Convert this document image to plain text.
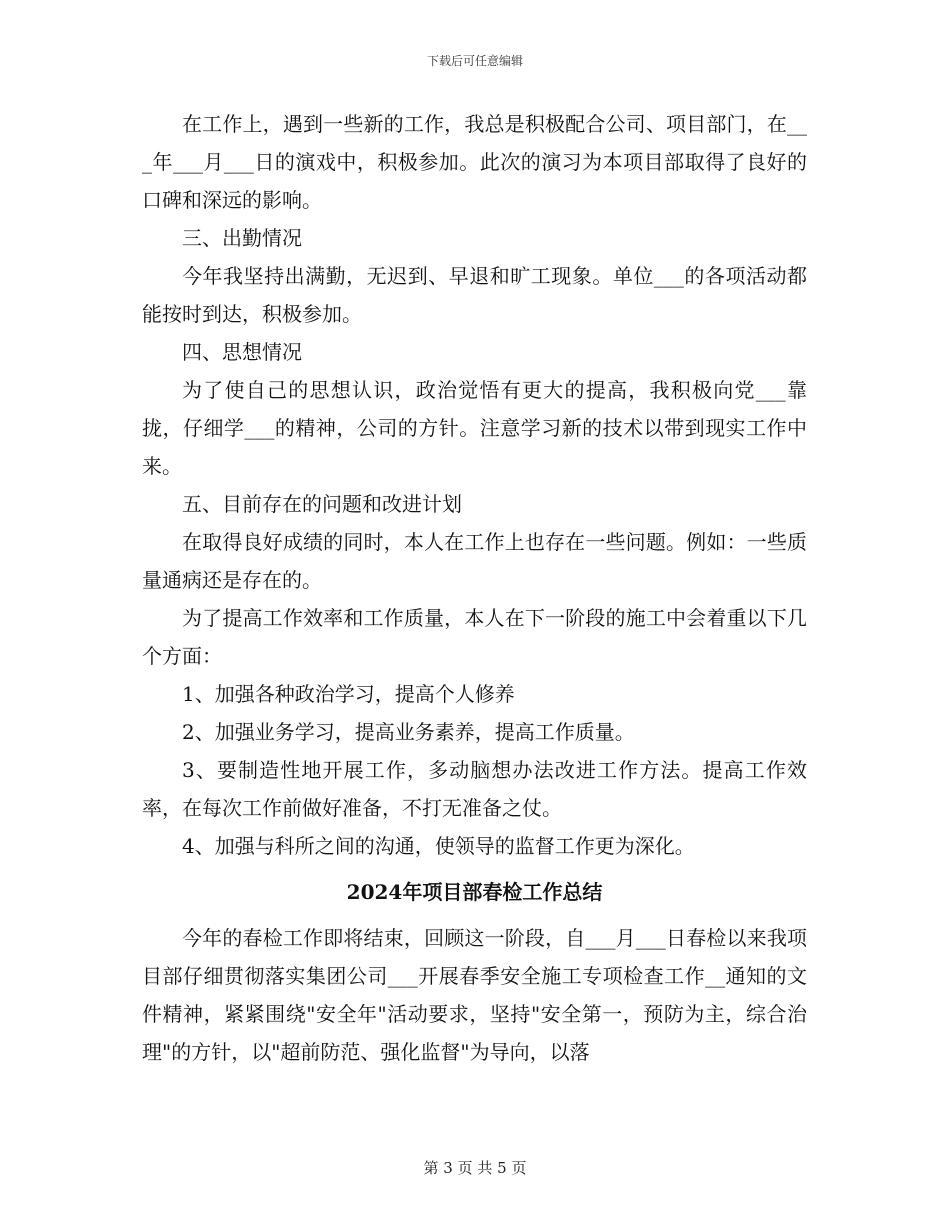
下载后可任意编辑

在工作上，遇到一些新的工作，我总是积极配合公司、项目部门，在___年___月___日的演戏中，积极参加。此次的演习为本项目部取得了良好的口碑和深远的影响。

三、出勤情况

今年我坚持出满勤，无迟到、早退和旷工现象。单位___的各项活动都能按时到达，积极参加。

四、思想情况

为了使自己的思想认识，政治觉悟有更大的提高，我积极向党___靠拢，仔细学___的精神，公司的方针。注意学习新的技术以带到现实工作中来。

五、目前存在的问题和改进计划

在取得良好成绩的同时，本人在工作上也存在一些问题。例如：一些质量通病还是存在的。

为了提高工作效率和工作质量，本人在下一阶段的施工中会着重以下几个方面：

1、加强各种政治学习，提高个人修养

2、加强业务学习，提高业务素养，提高工作质量。

3、要制造性地开展工作，多动脑想办法改进工作方法。提高工作效率，在每次工作前做好准备，不打无准备之仗。

4、加强与科所之间的沟通，使领导的监督工作更为深化。

2024年项目部春检工作总结

今年的春检工作即将结束，回顾这一阶段，自___月___日春检以来我项目部仔细贯彻落实集团公司___开展春季安全施工专项检查工作__通知的文件精神，紧紧围绕"安全年"活动要求，坚持"安全第一，预防为主，综合治理"的方针，以"超前防范、强化监督"为导向，以落

第 3 页 共 5 页
